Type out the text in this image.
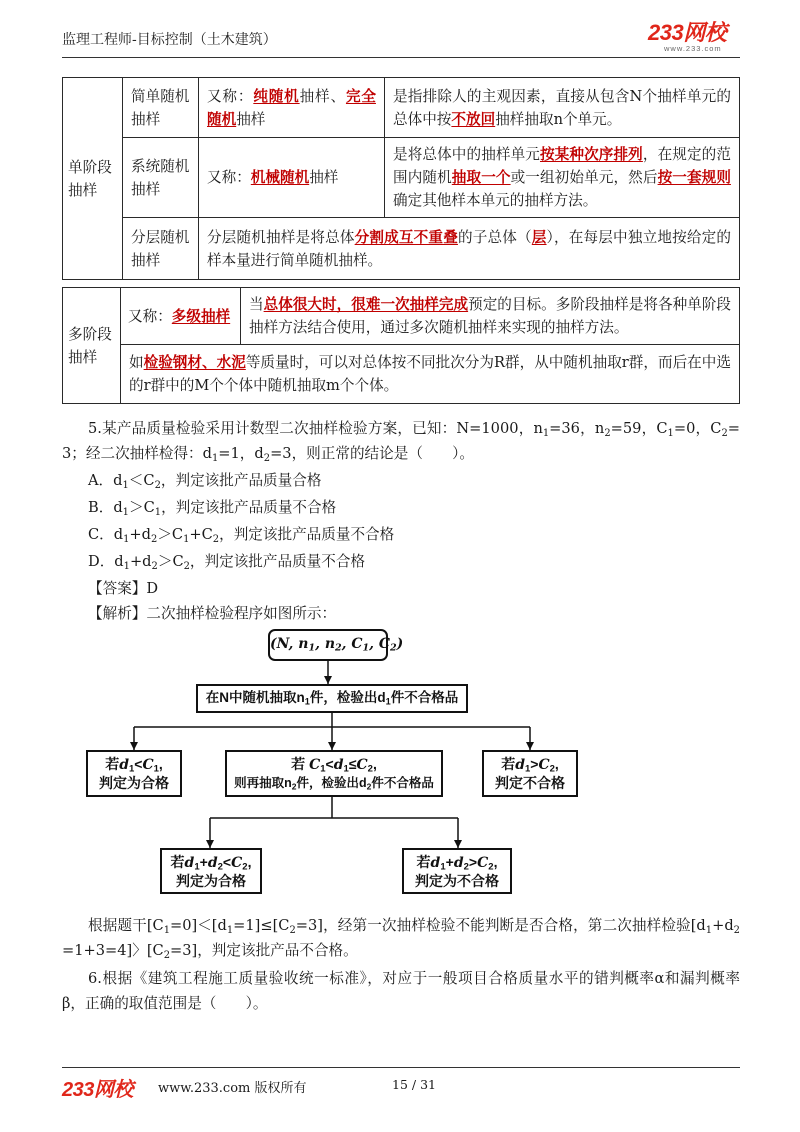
监理工程师-目标控制（土木建筑）	233网校
www.233.com
单阶段抽样	简单随机抽样	又称：纯随机抽样、完全随机抽样	是指排除人的主观因素，直接从包含N个抽样单元的总体中按不放回抽样抽取n个单元。
	系统随机抽样	又称：机械随机抽样	是将总体中的抽样单元按某种次序排列，在规定的范围内随机抽取一个或一组初始单元，然后按一套规则确定其他样本单元的抽样方法。
	分层随机抽样	分层随机抽样是将总体分割成互不重叠的子总体（层），在每层中独立地按给定的样本量进行简单随机抽样。	
多阶段抽样	又称：多级抽样	当总体很大时，很难一次抽样完成预定的目标。多阶段抽样是将各种单阶段抽样方法结合使用，通过多次随机抽样来实现的抽样方法。
如检验钢材、水泥等质量时，可以对总体按不同批次分为R群，从中随机抽取r群，而后在中选的r群中的M个个体中随机抽取m个个体。
5.某产品质量检验采用计数型二次抽样检验方案，已知：N=1000，$n_1=36$，$n_2=59$，$C_1=0$，$C_2=3$；经二次抽样检得：$d_1=1$，$d_2=3$，则正常的结论是（　　）。
A．$d_1<C_2$，判定该批产品质量合格
B．$d_1>C_1$，判定该批产品质量不合格
C．$d_1+d_2>C_1+C_2$，判定该批产品质量不合格
D．$d_1+d_2>C_2$，判定该批产品质量不合格
【答案】D
【解析】二次抽样检验程序如图所示：
(N, $n_1$, $n_2$, $C_1$, $C_2$)
在N中随机抽取$n_1$件，检验出$d_1$件不合格品
若$d_1<C_1$,
判定为合格
若 $C_1<d_1\le C_2$,
则再抽取$n_2$件，检验出$d_2$件不合格品
若$d_1>C_2$,
判定不合格
若$d_1+d_2<C_2$,
判定为合格
若$d_1+d_2>C_2$,
判定为不合格
根据题干$[C_1=0]<[d_1=1]\le[C_2=3]$，经第一次抽样检验不能判断是否合格，第二次抽样检验$[d_1+d_2=1+3=4]$〉$[C_2=3]$，判定该批产品不合格。
6.根据《建筑工程施工质量验收统一标准》，对应于一般项目合格质量水平的错判概率α和漏判概率β，正确的取值范围是（　　）。
233网校 www.233.com 版权所有	15 / 31
